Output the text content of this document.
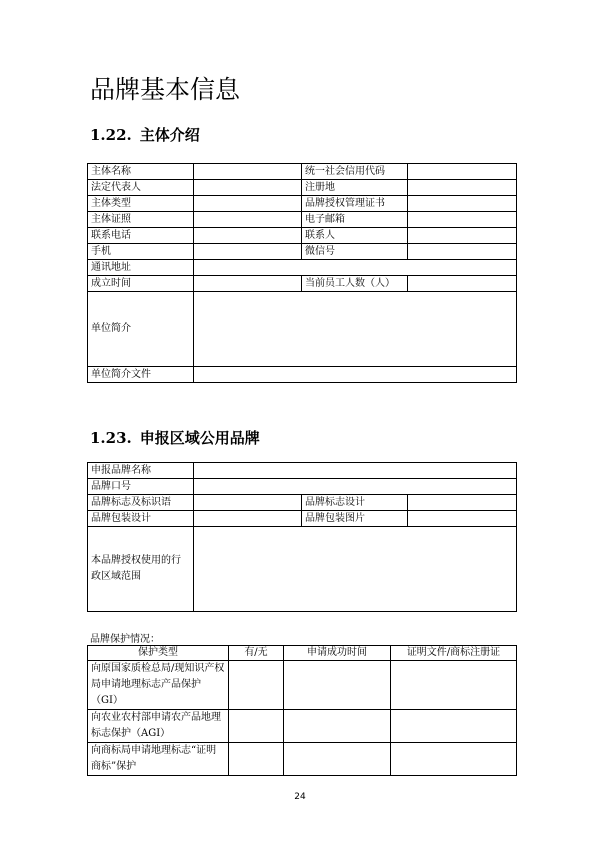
品牌基本信息
1.22. 主体介绍
主体名称		统一社会信用代码	
法定代表人		注册地	
主体类型		品牌授权管理证书	
主体证照		电子邮箱	
联系电话		联系人	
手机		微信号	
通讯地址			
成立时间		当前员工人数（人）	
单位简介			
单位简介文件			
1.23. 申报区域公用品牌
申报品牌名称			
品牌口号			
品牌标志及标识语		品牌标志设计	
品牌包装设计		品牌包装图片	
本品牌授权使用的行政区域范围			
品牌保护情况：
保护类型	有/无	申请成功时间	证明文件/商标注册证
向原国家质检总局/现知识产权局申请地理标志产品保护（GI）			
向农业农村部申请农产品地理标志保护（AGI）			
向商标局申请地理标志“证明商标”保护			
24
